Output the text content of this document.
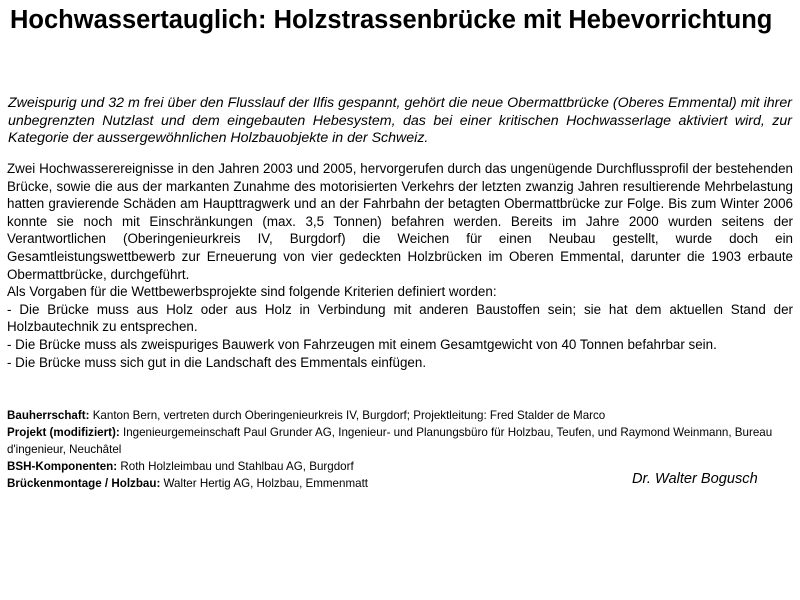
Hochwassertauglich: Holzstrassenbrücke mit Hebevorrichtung

Zweispurig und 32 m frei über den Flusslauf der Ilfis gespannt, gehört die neue Obermattbrücke (Oberes Emmental) mit ihrer unbegrenzten Nutzlast und dem eingebauten Hebesystem, das bei einer kritischen Hochwasserlage aktiviert wird, zur Kategorie der aussergewöhnlichen Holzbauobjekte in der Schweiz.

Zwei Hochwasserereignisse in den Jahren 2003 und 2005, hervorgerufen durch das ungenügende Durchflussprofil der bestehenden Brücke, sowie die aus der markanten Zunahme des motorisierten Verkehrs der letzten zwanzig Jahren resultierende Mehrbelastung hatten gravierende Schäden am Haupttragwerk und an der Fahrbahn der betagten Obermattbrücke zur Folge. Bis zum Winter 2006 konnte sie noch mit Einschränkungen (max. 3,5 Tonnen) befahren werden. Bereits im Jahre 2000 wurden seitens der Verantwortlichen (Oberingenieurkreis IV, Burgdorf) die Weichen für einen Neubau gestellt, wurde doch ein Gesamtleistungswettbewerb zur Erneuerung von vier gedeckten Holzbrücken im Oberen Emmental, darunter die 1903 erbaute Obermattbrücke, durchgeführt.

Als Vorgaben für die Wettbewerbsprojekte sind folgende Kriterien definiert worden:

- Die Brücke muss aus Holz oder aus Holz in Verbindung mit anderen Baustoffen sein; sie hat dem aktuellen Stand der Holzbautechnik zu entsprechen.

- Die Brücke muss als zweispuriges Bauwerk von Fahrzeugen mit einem Gesamtgewicht von 40 Tonnen befahrbar sein.

- Die Brücke muss sich gut in die Landschaft des Emmentals einfügen.

Bauherrschaft: Kanton Bern, vertreten durch Oberingenieurkreis IV, Burgdorf; Projektleitung: Fred Stalder de Marco

Projekt (modifiziert): Ingenieurgemeinschaft Paul Grunder AG, Ingenieur- und Planungsbüro für Holzbau, Teufen, und Raymond Weinmann, Bureau d'ingenieur, Neuchâtel

BSH-Komponenten: Roth Holzleimbau und Stahlbau AG, Burgdorf

Brückenmontage / Holzbau: Walter Hertig AG, Holzbau, Emmenmatt	Dr. Walter Bogusch
